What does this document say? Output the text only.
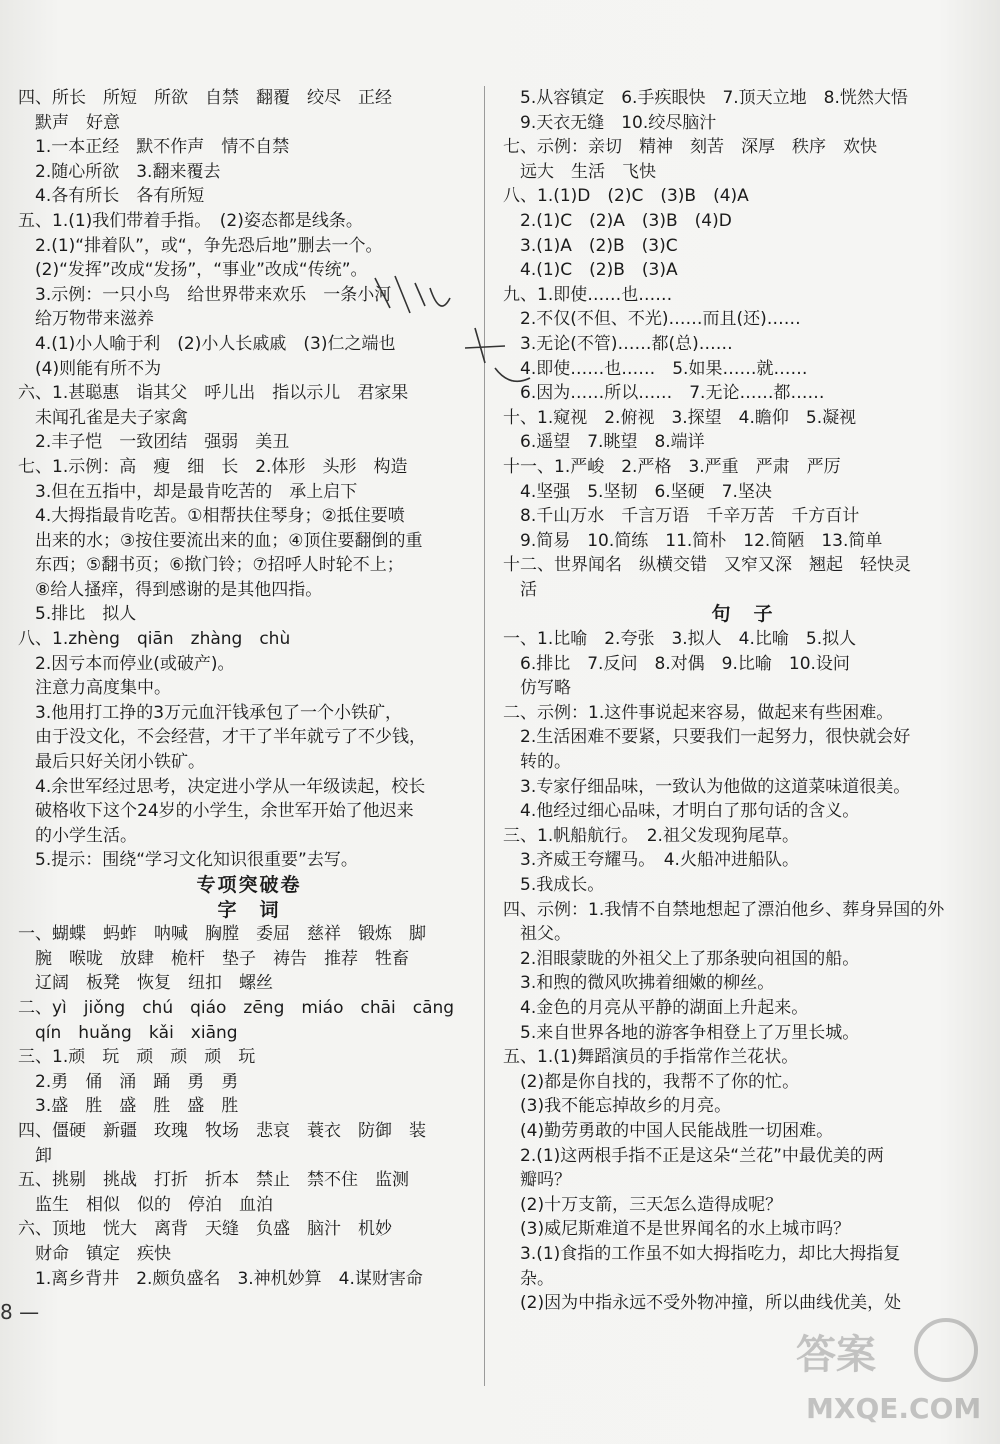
四、所长　所短　所欲　自禁　翻覆　绞尽　正经
　默声　好意
　1.一本正经　默不作声　情不自禁
　2.随心所欲　3.翻来覆去
　4.各有所长　各有所短
五、1.(1)我们带着手指。　(2)姿态都是线条。
　2.(1)“排着队”，或“，争先恐后地”删去一个。
　(2)“发挥”改成“发扬”，“事业”改成“传统”。
　3.示例：一只小鸟　给世界带来欢乐　一条小河
　给万物带来滋养
　4.(1)小人喻于利　(2)小人长戚戚　(3)仁之端也
　(4)则能有所不为
六、1.甚聪惠　诣其父　呼儿出　指以示儿　君家果
　未闻孔雀是夫子家禽
　2.丰子恺　一致团结　强弱　美丑
七、1.示例：高　瘦　细　长　2.体形　头形　构造
　3.但在五指中，却是最肯吃苦的　承上启下
　4.大拇指最肯吃苦。①相帮扶住琴身；②抵住要喷
　出来的水；③按住要流出来的血；④顶住要翻倒的重
　东西；⑤翻书页；⑥揿门铃；⑦招呼人时轮不上；
　⑧给人搔痒，得到感谢的是其他四指。
　5.排比　拟人
八、1.zhèng　qiān　zhàng　chù
　2.因亏本而停业(或破产)。
　注意力高度集中。
　3.他用打工挣的3万元血汗钱承包了一个小铁矿，
　由于没文化，不会经营，才干了半年就亏了不少钱，
　最后只好关闭小铁矿。
　4.余世军经过思考，决定进小学从一年级读起，校长
　破格收下这个24岁的小学生，余世军开始了他迟来
　的小学生活。
　5.提示：围绕“学习文化知识很重要”去写。
专项突破卷
字　词
一、蝴蝶　蚂蚱　呐喊　胸膛　委屈　慈祥　锻炼　脚
　腕　喉咙　放肆　桅杆　垫子　祷告　推荐　牲畜
　辽阔　板凳　恢复　纽扣　螺丝
二、yì　jiǒng　chú　qiáo　zēng　miáo　chāi　cāng
　qín　huǎng　kǎi　xiāng
三、1.顽　玩　顽　顽　顽　玩
　2.勇　俑　涌　踊　勇　勇
　3.盛　胜　盛　胜　盛　胜
四、僵硬　新疆　玫瑰　牧场　悲哀　蓑衣　防御　装
　卸
五、挑剔　挑战　打折　折本　禁止　禁不住　监测
　监生　相似　似的　停泊　血泊
六、顶地　恍大　离背　天缝　负盛　脑汁　机妙
　财命　镇定　疾快
　1.离乡背井　2.颇负盛名　3.神机妙算　4.谋财害命
　5.从容镇定　6.手疾眼快　7.顶天立地　8.恍然大悟
　9.天衣无缝　10.绞尽脑汁
七、示例：亲切　精神　刻苦　深厚　秩序　欢快
　远大　生活　飞快
八、1.(1)D　(2)C　(3)B　(4)A
　2.(1)C　(2)A　(3)B　(4)D
　3.(1)A　(2)B　(3)C
　4.(1)C　(2)B　(3)A
九、1.即使……也……
　2.不仅(不但、不光)……而且(还)……
　3.无论(不管)……都(总)……
　4.即使……也……　5.如果……就……
　6.因为……所以……　7.无论……都……
十、1.窥视　2.俯视　3.探望　4.瞻仰　5.凝视
　6.遥望　7.眺望　8.端详
十一、1.严峻　2.严格　3.严重　严肃　严厉
　4.坚强　5.坚韧　6.坚硬　7.坚决
　8.千山万水　千言万语　千辛万苦　千方百计
　9.简易　10.简练　11.简朴　12.简陋　13.简单
十二、世界闻名　纵横交错　又窄又深　翘起　轻快灵
　活
句　子
一、1.比喻　2.夸张　3.拟人　4.比喻　5.拟人
　6.排比　7.反问　8.对偶　9.比喻　10.设问
　仿写略
二、示例：1.这件事说起来容易，做起来有些困难。
　2.生活困难不要紧，只要我们一起努力，很快就会好
　转的。
　3.专家仔细品味，一致认为他做的这道菜味道很美。
　4.他经过细心品味，才明白了那句话的含义。
三、1.帆船航行。　2.祖父发现狗尾草。
　3.齐威王夸耀马。　4.火船冲进船队。
　5.我成长。
四、示例：1.我情不自禁地想起了漂泊他乡、葬身异国的外
　祖父。
　2.泪眼蒙眬的外祖父上了那条驶向祖国的船。
　3.和煦的微风吹拂着细嫩的柳丝。
　4.金色的月亮从平静的湖面上升起来。
　5.来自世界各地的游客争相登上了万里长城。
五、1.(1)舞蹈演员的手指常作兰花状。
　(2)都是你自找的，我帮不了你的忙。
　(3)我不能忘掉故乡的月亮。
　(4)勤劳勇敢的中国人民能战胜一切困难。
　2.(1)这两根手指不正是这朵“兰花”中最优美的两
　瓣吗？
　(2)十万支箭，三天怎么造得成呢？
　(3)威尼斯难道不是世界闻名的水上城市吗？
　3.(1)食指的工作虽不如大拇指吃力，却比大拇指复
　杂。
　(2)因为中指永远不受外物冲撞，所以曲线优美，处
8 —
答案
MXQE.COM
